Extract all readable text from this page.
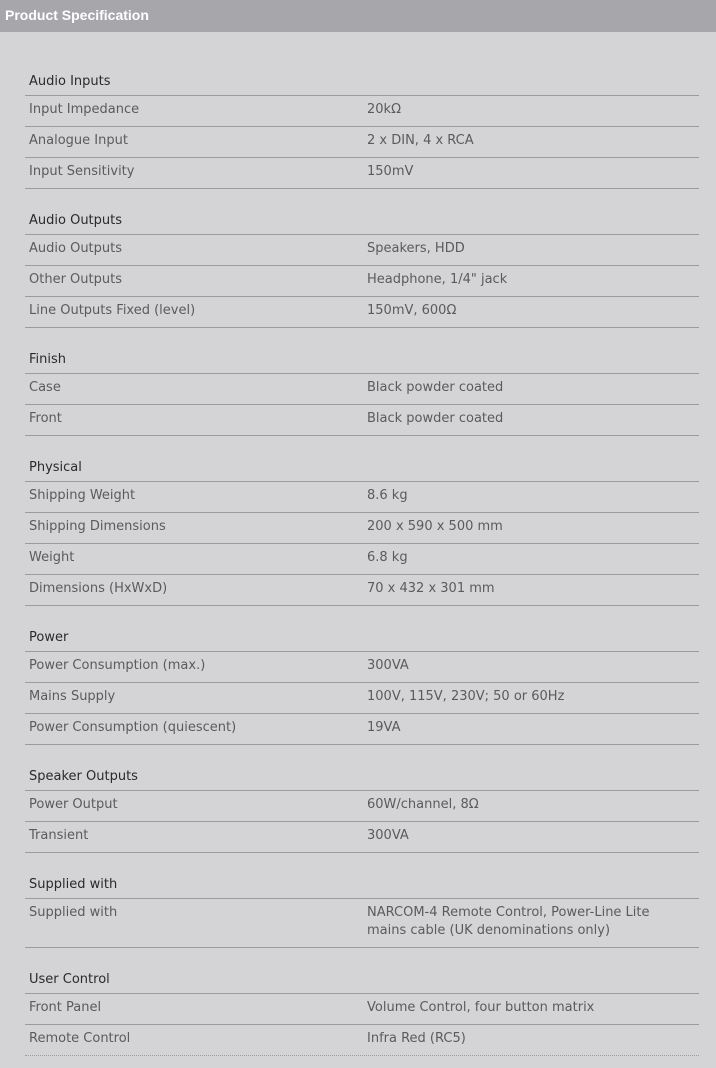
Product Specification
Audio Inputs
Input Impedance	20kΩ
Analogue Input	2 x DIN, 4 x RCA
Input Sensitivity	150mV
Audio Outputs
Audio Outputs	Speakers, HDD
Other Outputs	Headphone, 1/4" jack
Line Outputs Fixed (level)	150mV, 600Ω
Finish
Case	Black powder coated
Front	Black powder coated
Physical
Shipping Weight	8.6 kg
Shipping Dimensions	200 x 590 x 500 mm
Weight	6.8 kg
Dimensions (HxWxD)	70 x 432 x 301 mm
Power
Power Consumption (max.)	300VA
Mains Supply	100V, 115V, 230V; 50 or 60Hz
Power Consumption (quiescent)	19VA
Speaker Outputs
Power Output	60W/channel, 8Ω
Transient	300VA
Supplied with
Supplied with	NARCOM-4 Remote Control, Power-Line Lite mains cable (UK denominations only)
User Control
Front Panel	Volume Control, four button matrix
Remote Control	Infra Red (RC5)
